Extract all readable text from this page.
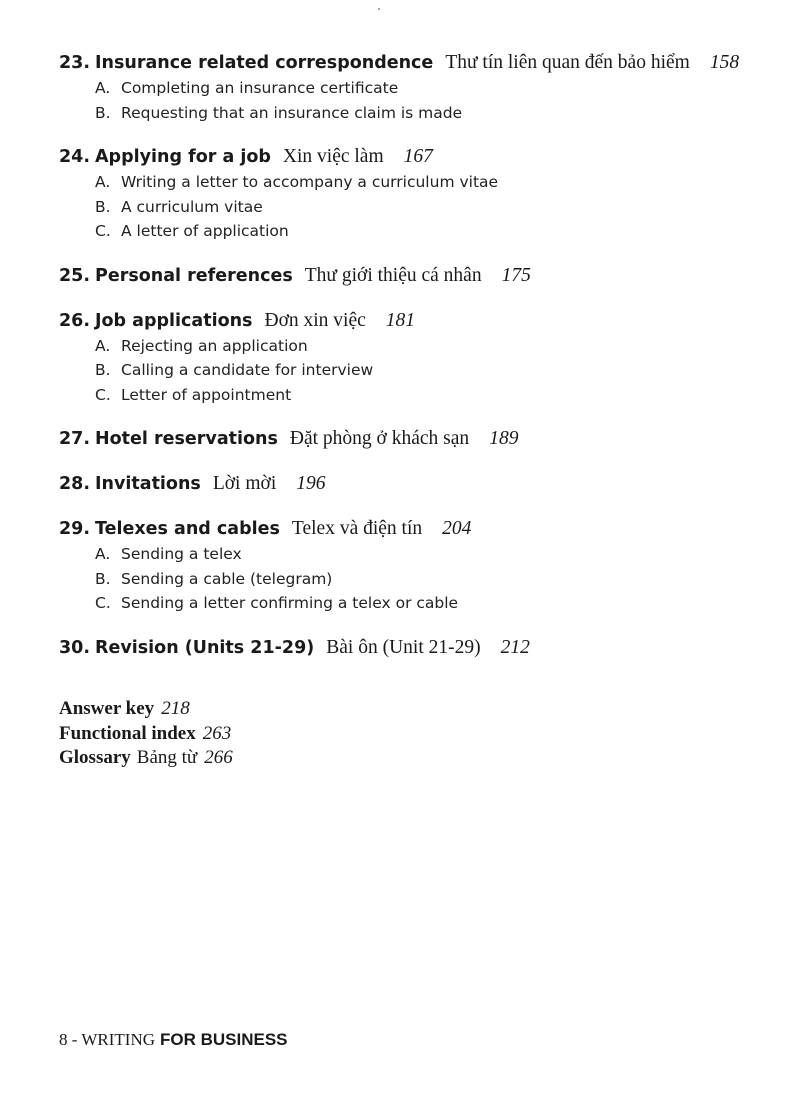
23. Insurance related correspondence Thư tín liên quan đến bảo hiểm 158
A. Completing an insurance certificate
B. Requesting that an insurance claim is made
24. Applying for a job Xin việc làm 167
A. Writing a letter to accompany a curriculum vitae
B. A curriculum vitae
C. A letter of application
25. Personal references Thư giới thiệu cá nhân 175
26. Job applications Đơn xin việc 181
A. Rejecting an application
B. Calling a candidate for interview
C. Letter of appointment
27. Hotel reservations Đặt phòng ở khách sạn 189
28. Invitations Lời mời 196
29. Telexes and cables Telex và điện tín 204
A. Sending a telex
B. Sending a cable (telegram)
C. Sending a letter confirming a telex or cable
30. Revision (Units 21-29) Bài ôn (Unit 21-29) 212
Answer key 218
Functional index 263
Glossary Bảng từ 266
8 - WRITING FOR BUSINESS
